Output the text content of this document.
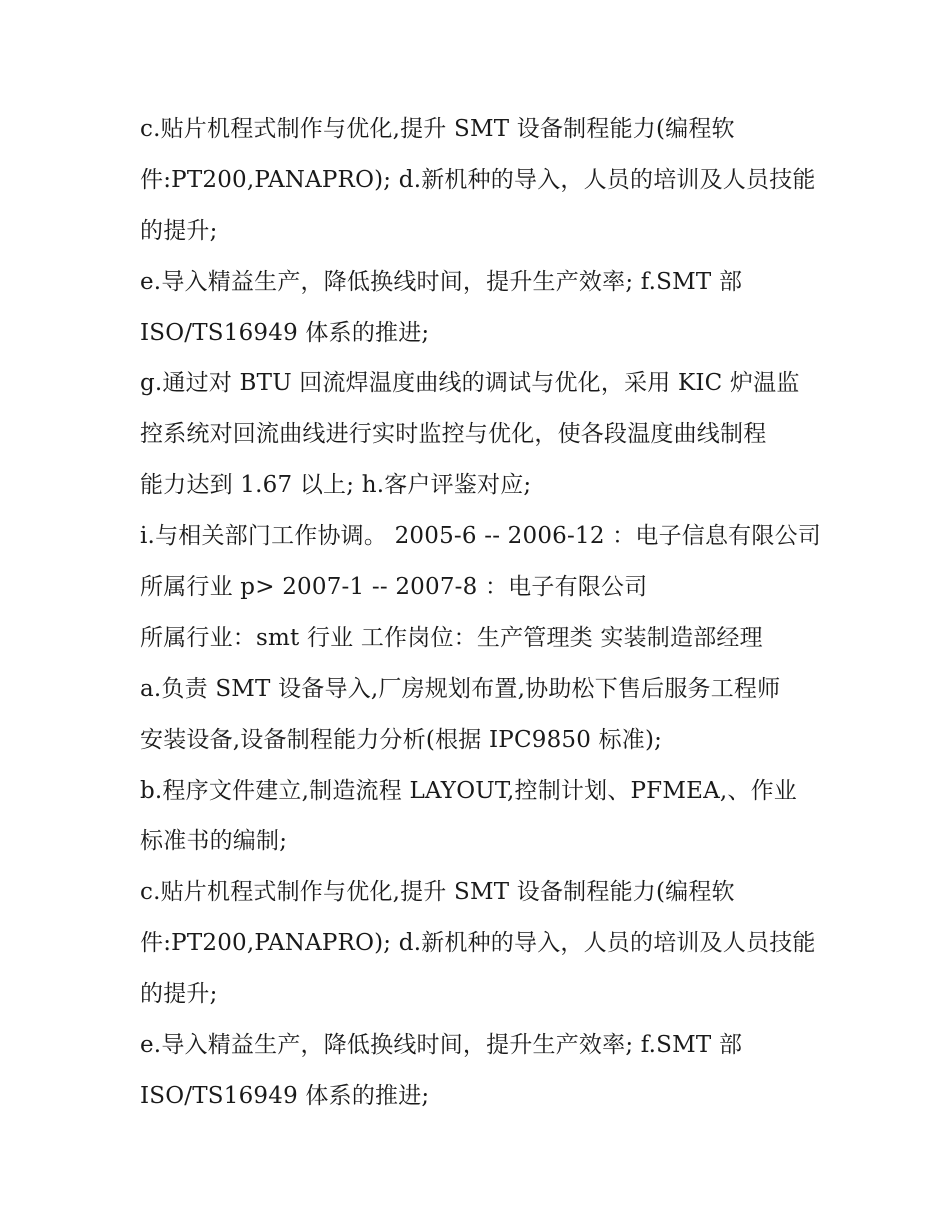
c.贴片机程式制作与优化,提升 SMT 设备制程能力(编程软
件:PT200,PANAPRO); d.新机种的导入，人员的培训及人员技能
的提升;
e.导入精益生产，降低换线时间，提升生产效率; f.SMT 部
ISO/TS16949 体系的推进;
g.通过对 BTU 回流焊温度曲线的调试与优化，采用 KIC 炉温监
控系统对回流曲线进行实时监控与优化，使各段温度曲线制程
能力达到 1.67 以上; h.客户评鉴对应;
i.与相关部门工作协调。 2005-6 -- 2006-12 ：电子信息有限公司
所属行业 p> 2007-1 -- 2007-8 ：电子有限公司
所属行业：smt 行业 工作岗位：生产管理类 实装制造部经理
a.负责 SMT 设备导入,厂房规划布置,协助松下售后服务工程师
安装设备,设备制程能力分析(根据 IPC9850 标准);
b.程序文件建立,制造流程 LAYOUT,控制计划、PFMEA,、作业
标准书的编制;
c.贴片机程式制作与优化,提升 SMT 设备制程能力(编程软
件:PT200,PANAPRO); d.新机种的导入，人员的培训及人员技能
的提升;
e.导入精益生产，降低换线时间，提升生产效率; f.SMT 部
ISO/TS16949 体系的推进;
